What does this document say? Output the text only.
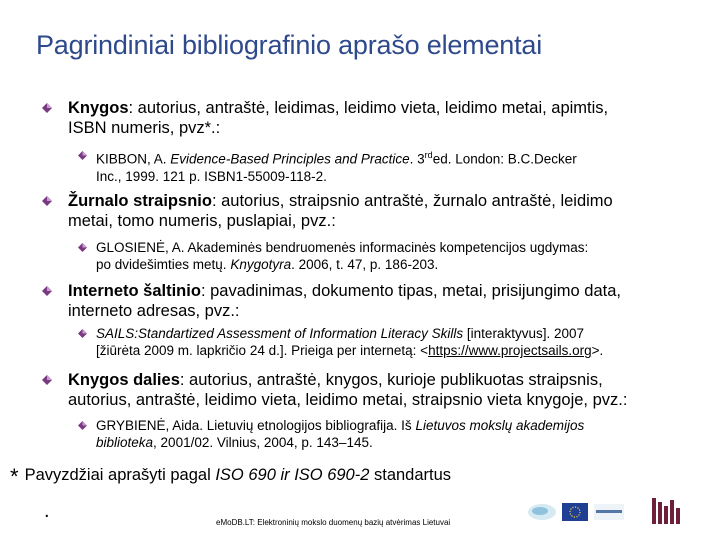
Pagrindiniai bibliografinio aprašo elementai
Knygos: autorius, antraštė, leidimas, leidimo vieta, leidimo metai, apimtis,
ISBN numeris, pvz*.:
KIBBON, A. Evidence-Based Principles and Practice. 3rded. London: B.C.Decker
Inc., 1999. 121 p. ISBN1-55009-118-2.
Žurnalo straipsnio: autorius, straipsnio antraštė, žurnalo antraštė, leidimo
metai, tomo numeris, puslapiai, pvz.:
GLOSIENĖ, A. Akademinės bendruomenės informacinės kompetencijos ugdymas:
po dvidešimties metų. Knygotyra. 2006, t. 47, p. 186-203.
Interneto šaltinio: pavadinimas, dokumento tipas, metai, prisijungimo data,
interneto adresas, pvz.:
SAILS:Standartized Assessment of Information Literacy Skills [interaktyvus]. 2007
[žiūrėta 2009 m. lapkričio 24 d.]. Prieiga per internetą: <https://www.projectsails.org>.
Knygos dalies: autorius, antraštė, knygos, kurioje publikuotas straipsnis,
autorius, antraštė, leidimo vieta, leidimo metai, straipsnio vieta knygoje, pvz.:
GRYBIENĖ, Aida. Lietuvių etnologijos bibliografija. Iš Lietuvos mokslų akademijos
biblioteka, 2001/02. Vilnius, 2004, p. 143–145.
* Pavyzdžiai aprašyti pagal ISO 690 ir ISO 690-2 standartus
.
eMoDB.LT: Elektroninių mokslo duomenų bazių atvėrimas Lietuvai
